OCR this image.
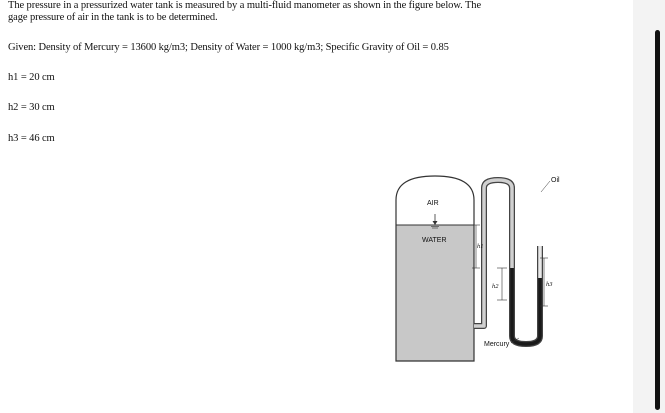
The pressure in a pressurized water tank is measured by a multi-fluid manometer as shown in the figure below. The
gage pressure of air in the tank is to be determined.
Given: Density of Mercury = 13600 kg/m3; Density of Water = 1000 kg/m3; Specific Gravity of Oil = 0.85
h1 = 20 cm
h2 = 30 cm
h3 = 46 cm
AIR
WATER
h1
h2	h3
Oil
Mercury
